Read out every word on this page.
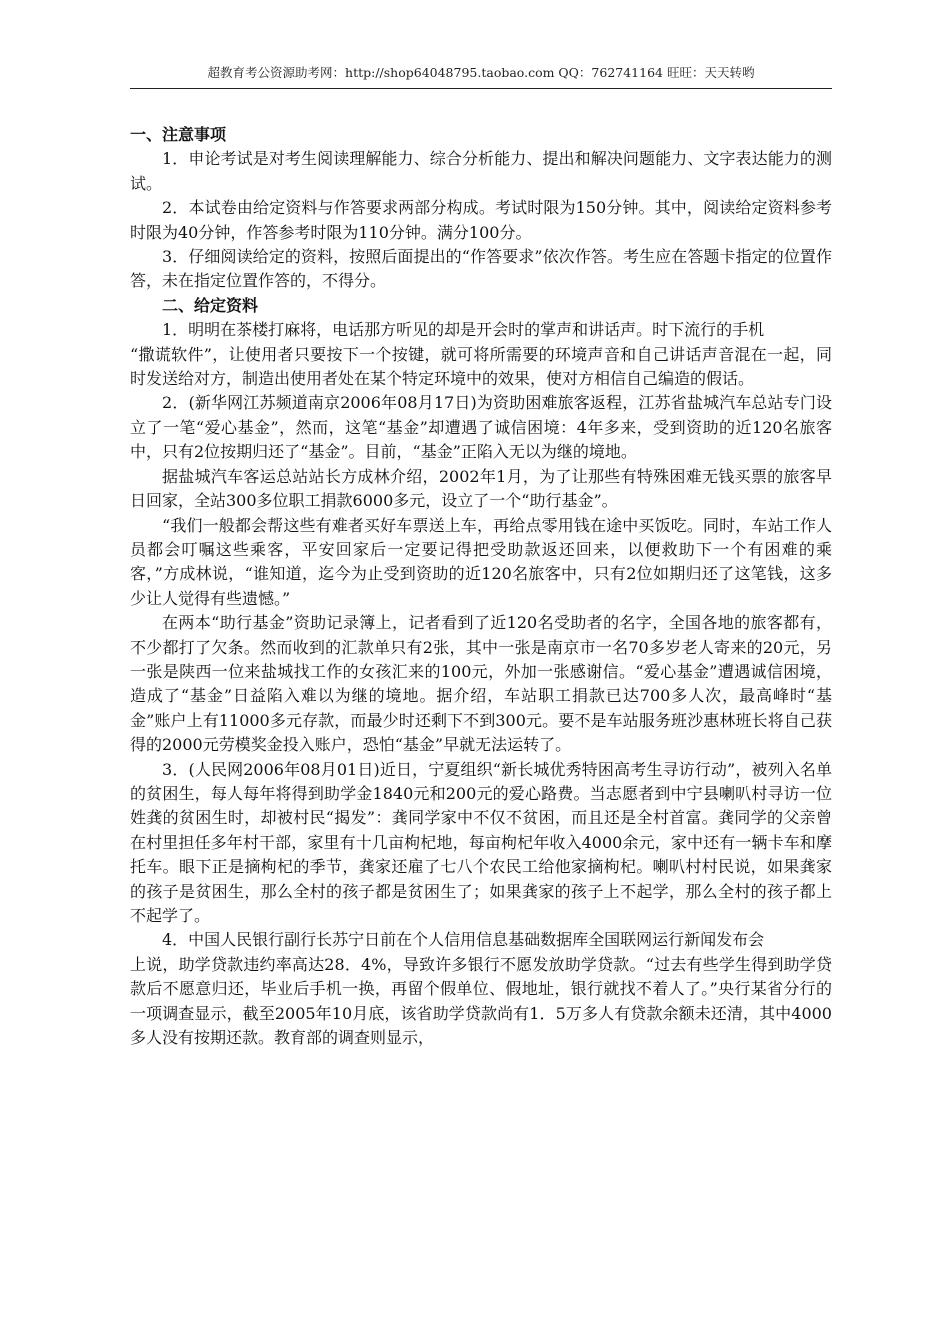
超教育考公资源助考网：http://shop64048795.taobao.com QQ：762741164 旺旺：天天转哟

一、注意事项

1．申论考试是对考生阅读理解能力、综合分析能力、提出和解决问题能力、文字表达能力的测试。

2．本试卷由给定资料与作答要求两部分构成。考试时限为150分钟。其中，阅读给定资料参考时限为40分钟，作答参考时限为110分钟。满分100分。

3．仔细阅读给定的资料，按照后面提出的“作答要求”依次作答。考生应在答题卡指定的位置作答，未在指定位置作答的，不得分。

二、给定资料

1．明明在茶楼打麻将，电话那方听见的却是开会时的掌声和讲话声。时下流行的手机

“撒谎软件”，让使用者只要按下一个按键，就可将所需要的环境声音和自己讲话声音混在一起，同时发送给对方，制造出使用者处在某个特定环境中的效果，使对方相信自己编造的假话。

2．(新华网江苏频道南京2006年08月17日)为资助困难旅客返程，江苏省盐城汽车总站专门设立了一笔“爱心基金”，然而，这笔“基金”却遭遇了诚信困境：4年多来，受到资助的近120名旅客中，只有2位按期归还了“基金”。目前，“基金”正陷入无以为继的境地。

据盐城汽车客运总站站长方成林介绍，2002年1月，为了让那些有特殊困难无钱买票的旅客早日回家，全站300多位职工捐款6000多元，设立了一个“助行基金”。

“我们一般都会帮这些有难者买好车票送上车，再给点零用钱在途中买饭吃。同时，车站工作人员都会叮嘱这些乘客，平安回家后一定要记得把受助款返还回来，以便救助下一个有困难的乘客，”方成林说，“谁知道，迄今为止受到资助的近120名旅客中，只有2位如期归还了这笔钱，这多少让人觉得有些遗憾。”

在两本“助行基金”资助记录簿上，记者看到了近120名受助者的名字，全国各地的旅客都有，不少都打了欠条。然而收到的汇款单只有2张，其中一张是南京市一名70多岁老人寄来的20元，另一张是陕西一位来盐城找工作的女孩汇来的100元，外加一张感谢信。“爱心基金”遭遇诚信困境，造成了“基金”日益陷入难以为继的境地。据介绍，车站职工捐款已达700多人次，最高峰时“基金”账户上有11000多元存款，而最少时还剩下不到300元。要不是车站服务班沙惠林班长将自己获得的2000元劳模奖金投入账户，恐怕“基金”早就无法运转了。

3．(人民网2006年08月01日)近日，宁夏组织“新长城优秀特困高考生寻访行动”，被列入名单的贫困生，每人每年将得到助学金1840元和200元的爱心路费。当志愿者到中宁县喇叭村寻访一位姓龚的贫困生时，却被村民“揭发”：龚同学家中不仅不贫困，而且还是全村首富。龚同学的父亲曾在村里担任多年村干部，家里有十几亩枸杞地，每亩枸杞年收入4000余元，家中还有一辆卡车和摩托车。眼下正是摘枸杞的季节，龚家还雇了七八个农民工给他家摘枸杞。喇叭村村民说，如果龚家的孩子是贫困生，那么全村的孩子都是贫困生了；如果龚家的孩子上不起学，那么全村的孩子都上不起学了。

4．中国人民银行副行长苏宁日前在个人信用信息基础数据库全国联网运行新闻发布会

上说，助学贷款违约率高达28．4%，导致许多银行不愿发放助学贷款。“过去有些学生得到助学贷款后不愿意归还，毕业后手机一换，再留个假单位、假地址，银行就找不着人了。”央行某省分行的一项调查显示，截至2005年10月底，该省助学贷款尚有1．5万多人有贷款余额未还清，其中4000多人没有按期还款。教育部的调查则显示，
